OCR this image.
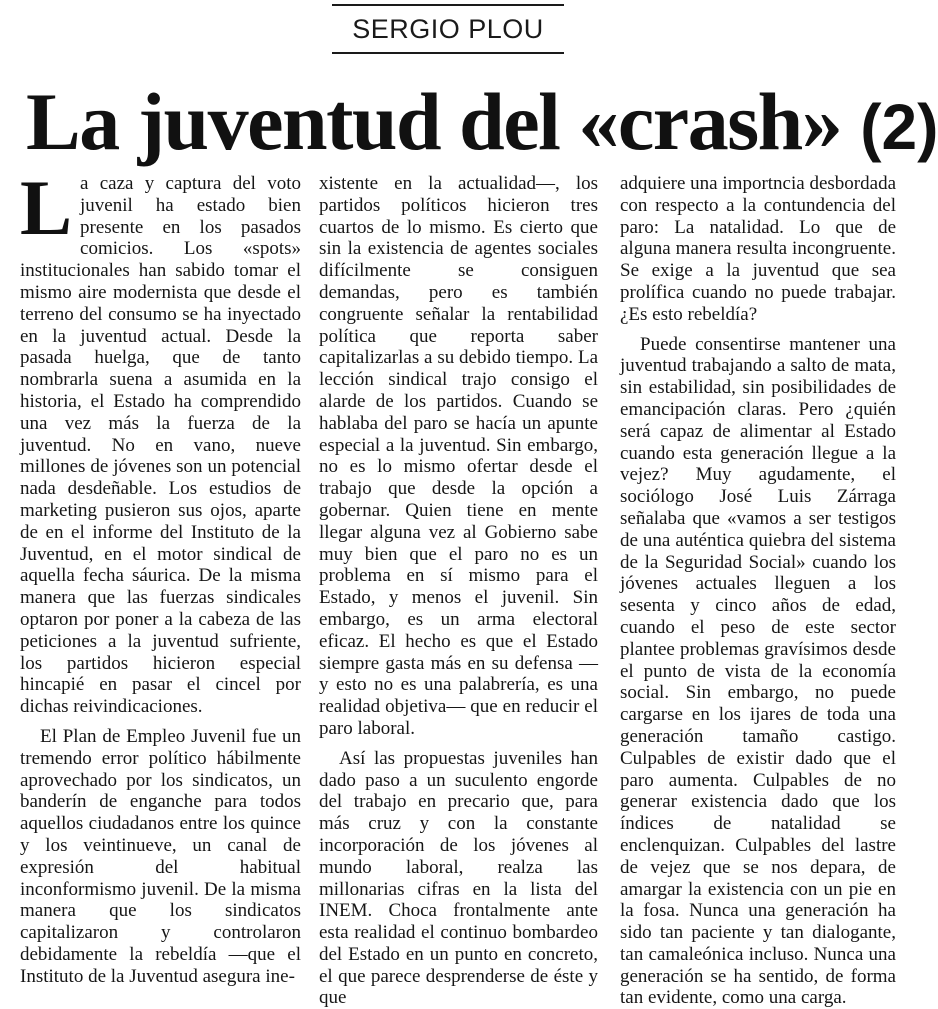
SERGIO PLOU
La juventud del «crash» (2)

La caza y captura del voto juvenil ha estado bien presente en los pasados comicios. Los «spots» institucionales han sabido tomar el mismo aire modernista que desde el terreno del consumo se ha inyectado en la juventud actual. Desde la pasada huelga, que de tanto nombrarla suena a asumida en la historia, el Estado ha comprendido una vez más la fuerza de la juventud. No en vano, nueve millones de jóvenes son un potencial nada desdeñable. Los estudios de marketing pusieron sus ojos, aparte de en el informe del Instituto de la Juventud, en el motor sindical de aquella fecha sáurica. De la misma manera que las fuerzas sindicales optaron por poner a la cabeza de las peticiones a la juventud sufriente, los partidos hicieron especial hincapié en pasar el cincel por dichas reivindicaciones.

El Plan de Empleo Juvenil fue un tremendo error político hábilmente aprovechado por los sindicatos, un banderín de enganche para todos aquellos ciudadanos entre los quince y los veintinueve, un canal de expresión del habitual inconformismo juvenil. De la misma manera que los sindicatos capitalizaron y controlaron debidamente la rebeldía —que el Instituto de la Juventud asegura ine-

xistente en la actualidad—, los partidos políticos hicieron tres cuartos de lo mismo. Es cierto que sin la existencia de agentes sociales difícilmente se consiguen demandas, pero es también congruente señalar la rentabilidad política que reporta saber capitalizarlas a su debido tiempo. La lección sindical trajo consigo el alarde de los partidos. Cuando se hablaba del paro se hacía un apunte especial a la juventud. Sin embargo, no es lo mismo ofertar desde el trabajo que desde la opción a gobernar. Quien tiene en mente llegar alguna vez al Gobierno sabe muy bien que el paro no es un problema en sí mismo para el Estado, y menos el juvenil. Sin embargo, es un arma electoral eficaz. El hecho es que el Estado siempre gasta más en su defensa —y esto no es una palabrería, es una realidad objetiva— que en reducir el paro laboral.

Así las propuestas juveniles han dado paso a un suculento engorde del trabajo en precario que, para más cruz y con la constante incorporación de los jóvenes al mundo laboral, realza las millonarias cifras en la lista del INEM. Choca frontalmente ante esta realidad el continuo bombardeo del Estado en un punto en concreto, el que parece desprenderse de éste y que

adquiere una importncia desbordada con respecto a la contundencia del paro: La natalidad. Lo que de alguna manera resulta incongruente. Se exige a la juventud que sea prolífica cuando no puede trabajar. ¿Es esto rebeldía?

Puede consentirse mantener una juventud trabajando a salto de mata, sin estabilidad, sin posibilidades de emancipación claras. Pero ¿quién será capaz de alimentar al Estado cuando esta generación llegue a la vejez? Muy agudamente, el sociólogo José Luis Zárraga señalaba que «vamos a ser testigos de una auténtica quiebra del sistema de la Seguridad Social» cuando los jóvenes actuales lleguen a los sesenta y cinco años de edad, cuando el peso de este sector plantee problemas gravísimos desde el punto de vista de la economía social. Sin embargo, no puede cargarse en los ijares de toda una generación tamaño castigo. Culpables de existir dado que el paro aumenta. Culpables de no generar existencia dado que los índices de natalidad se enclenquizan. Culpables del lastre de vejez que se nos depara, de amargar la existencia con un pie en la fosa. Nunca una generación ha sido tan paciente y tan dialogante, tan camaleónica incluso. Nunca una generación se ha sentido, de forma tan evidente, como una carga.
